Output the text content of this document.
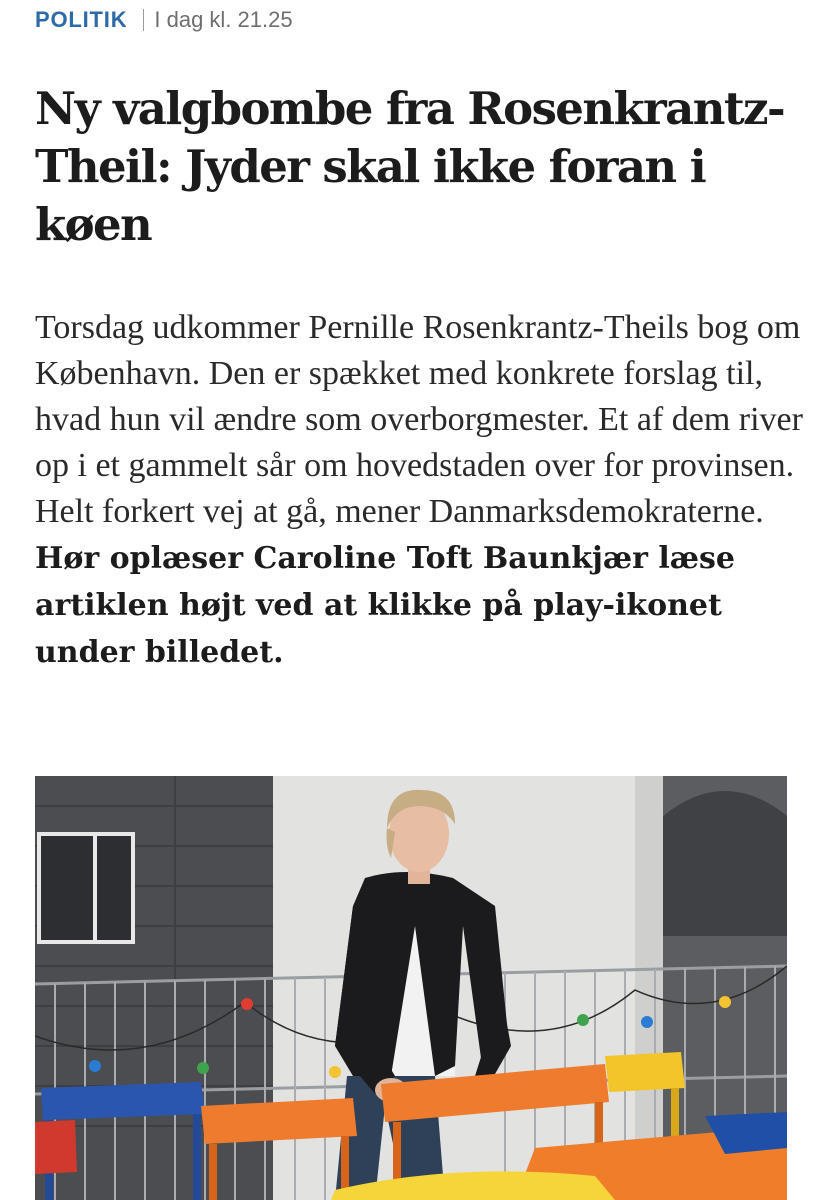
POLITIK I dag kl. 21.25
Ny valgbombe fra Rosenkrantz-Theil: Jyder skal ikke foran i køen

Torsdag udkommer Pernille Rosenkrantz-Theils bog om København. Den er spækket med konkrete forslag til, hvad hun vil ændre som overborgmester. Et af dem river op i et gammelt sår om hovedstaden over for provinsen. Helt forkert vej at gå, mener Danmarksdemokraterne. Hør oplæser Caroline Toft Baunkjær læse artiklen højt ved at klikke på play-ikonet under billedet.
